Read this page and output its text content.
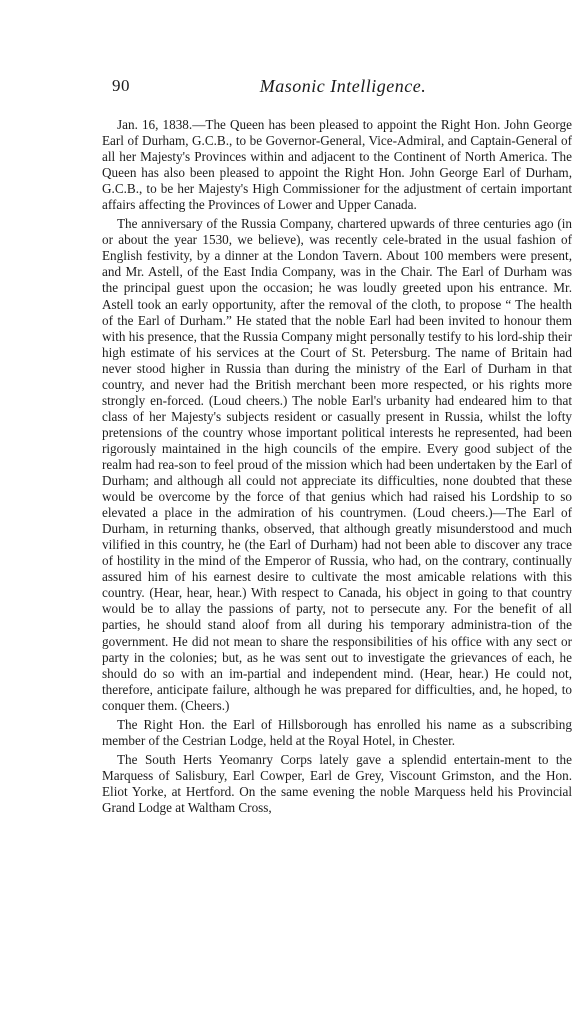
90	Masonic Intelligence.

Jan. 16, 1838.—The Queen has been pleased to appoint the Right Hon. John George Earl of Durham, G.C.B., to be Governor-General, Vice-Admiral, and Captain-General of all her Majesty's Provinces within and adjacent to the Continent of North America. The Queen has also been pleased to appoint the Right Hon. John George Earl of Durham, G.C.B., to be her Majesty's High Commissioner for the adjustment of certain important affairs affecting the Provinces of Lower and Upper Canada.

The anniversary of the Russia Company, chartered upwards of three centuries ago (in or about the year 1530, we believe), was recently cele-brated in the usual fashion of English festivity, by a dinner at the London Tavern. About 100 members were present, and Mr. Astell, of the East India Company, was in the Chair. The Earl of Durham was the principal guest upon the occasion; he was loudly greeted upon his entrance. Mr. Astell took an early opportunity, after the removal of the cloth, to propose “ The health of the Earl of Durham.” He stated that the noble Earl had been invited to honour them with his presence, that the Russia Company might personally testify to his lord-ship their high estimate of his services at the Court of St. Petersburg. The name of Britain had never stood higher in Russia than during the ministry of the Earl of Durham in that country, and never had the British merchant been more respected, or his rights more strongly en-forced. (Loud cheers.) The noble Earl's urbanity had endeared him to that class of her Majesty's subjects resident or casually present in Russia, whilst the lofty pretensions of the country whose important political interests he represented, had been rigorously maintained in the high councils of the empire. Every good subject of the realm had rea-son to feel proud of the mission which had been undertaken by the Earl of Durham; and although all could not appreciate its difficulties, none doubted that these would be overcome by the force of that genius which had raised his Lordship to so elevated a place in the admiration of his countrymen. (Loud cheers.)—The Earl of Durham, in returning thanks, observed, that although greatly misunderstood and much vilified in this country, he (the Earl of Durham) had not been able to discover any trace of hostility in the mind of the Emperor of Russia, who had, on the contrary, continually assured him of his earnest desire to cultivate the most amicable relations with this country. (Hear, hear, hear.) With respect to Canada, his object in going to that country would be to allay the passions of party, not to persecute any. For the benefit of all parties, he should stand aloof from all during his temporary administra-tion of the government. He did not mean to share the responsibilities of his office with any sect or party in the colonies; but, as he was sent out to investigate the grievances of each, he should do so with an im-partial and independent mind. (Hear, hear.) He could not, therefore, anticipate failure, although he was prepared for difficulties, and, he hoped, to conquer them. (Cheers.)

The Right Hon. the Earl of Hillsborough has enrolled his name as a subscribing member of the Cestrian Lodge, held at the Royal Hotel, in Chester.

The South Herts Yeomanry Corps lately gave a splendid entertain-ment to the Marquess of Salisbury, Earl Cowper, Earl de Grey, Viscount Grimston, and the Hon. Eliot Yorke, at Hertford. On the same evening the noble Marquess held his Provincial Grand Lodge at Waltham Cross,
